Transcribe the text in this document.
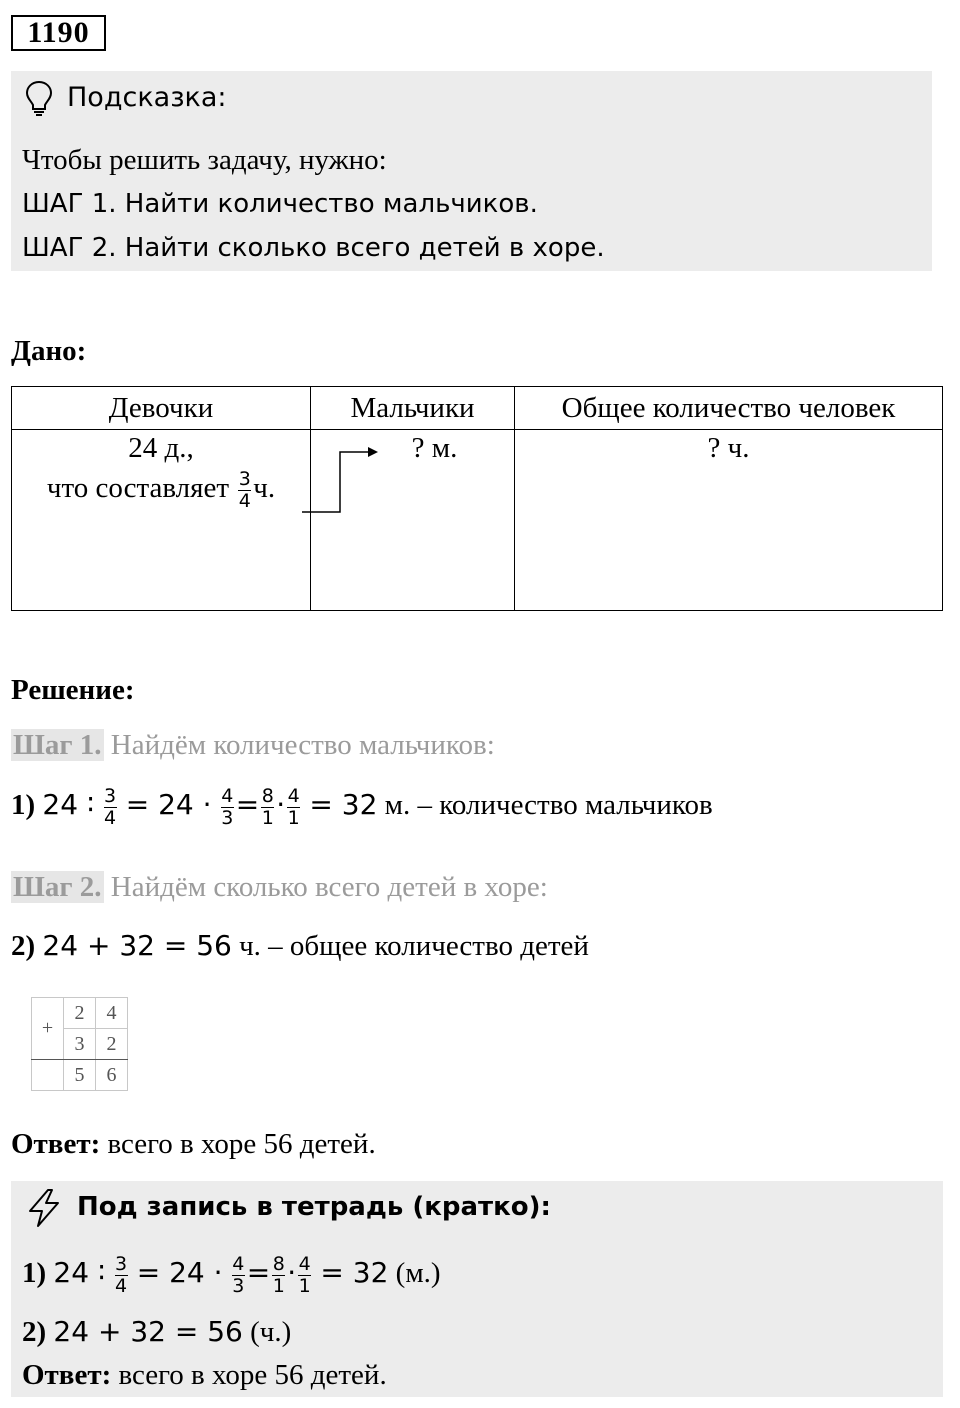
1190
Подсказка:
Чтобы решить задачу, нужно:
ШАГ 1. Найти количество мальчиков.
ШАГ 2. Найти сколько всего детей в хоре.
Дано:
Девочки	Мальчики	Общее количество человек

24 д.,
что составляет $\frac{3}{4} ч$.	? м.	? ч.
Решение:
Шаг 1. Найдём количество мальчиков:
1) 24 ∶ $\frac{3}{4} = 24 \cdot \frac{4}{3} = \frac{8}{1} \cdot \frac{4}{1} = 32$ м. – количество мальчиков
Шаг 2. Найдём сколько всего детей в хоре:
2) 24 + 32 = 56 ч. – общее количество детей
+	2	4
	3	2
	5	6
Ответ: всего в хоре 56 детей.
Под запись в тетрадь (кратко):
1) 24 ∶ $\frac{3}{4} = 24 \cdot \frac{4}{3} = \frac{8}{1} \cdot \frac{4}{1} = 32$ (м.)
2) 24 + 32 = 56 (ч.)
Ответ: всего в хоре 56 детей.
